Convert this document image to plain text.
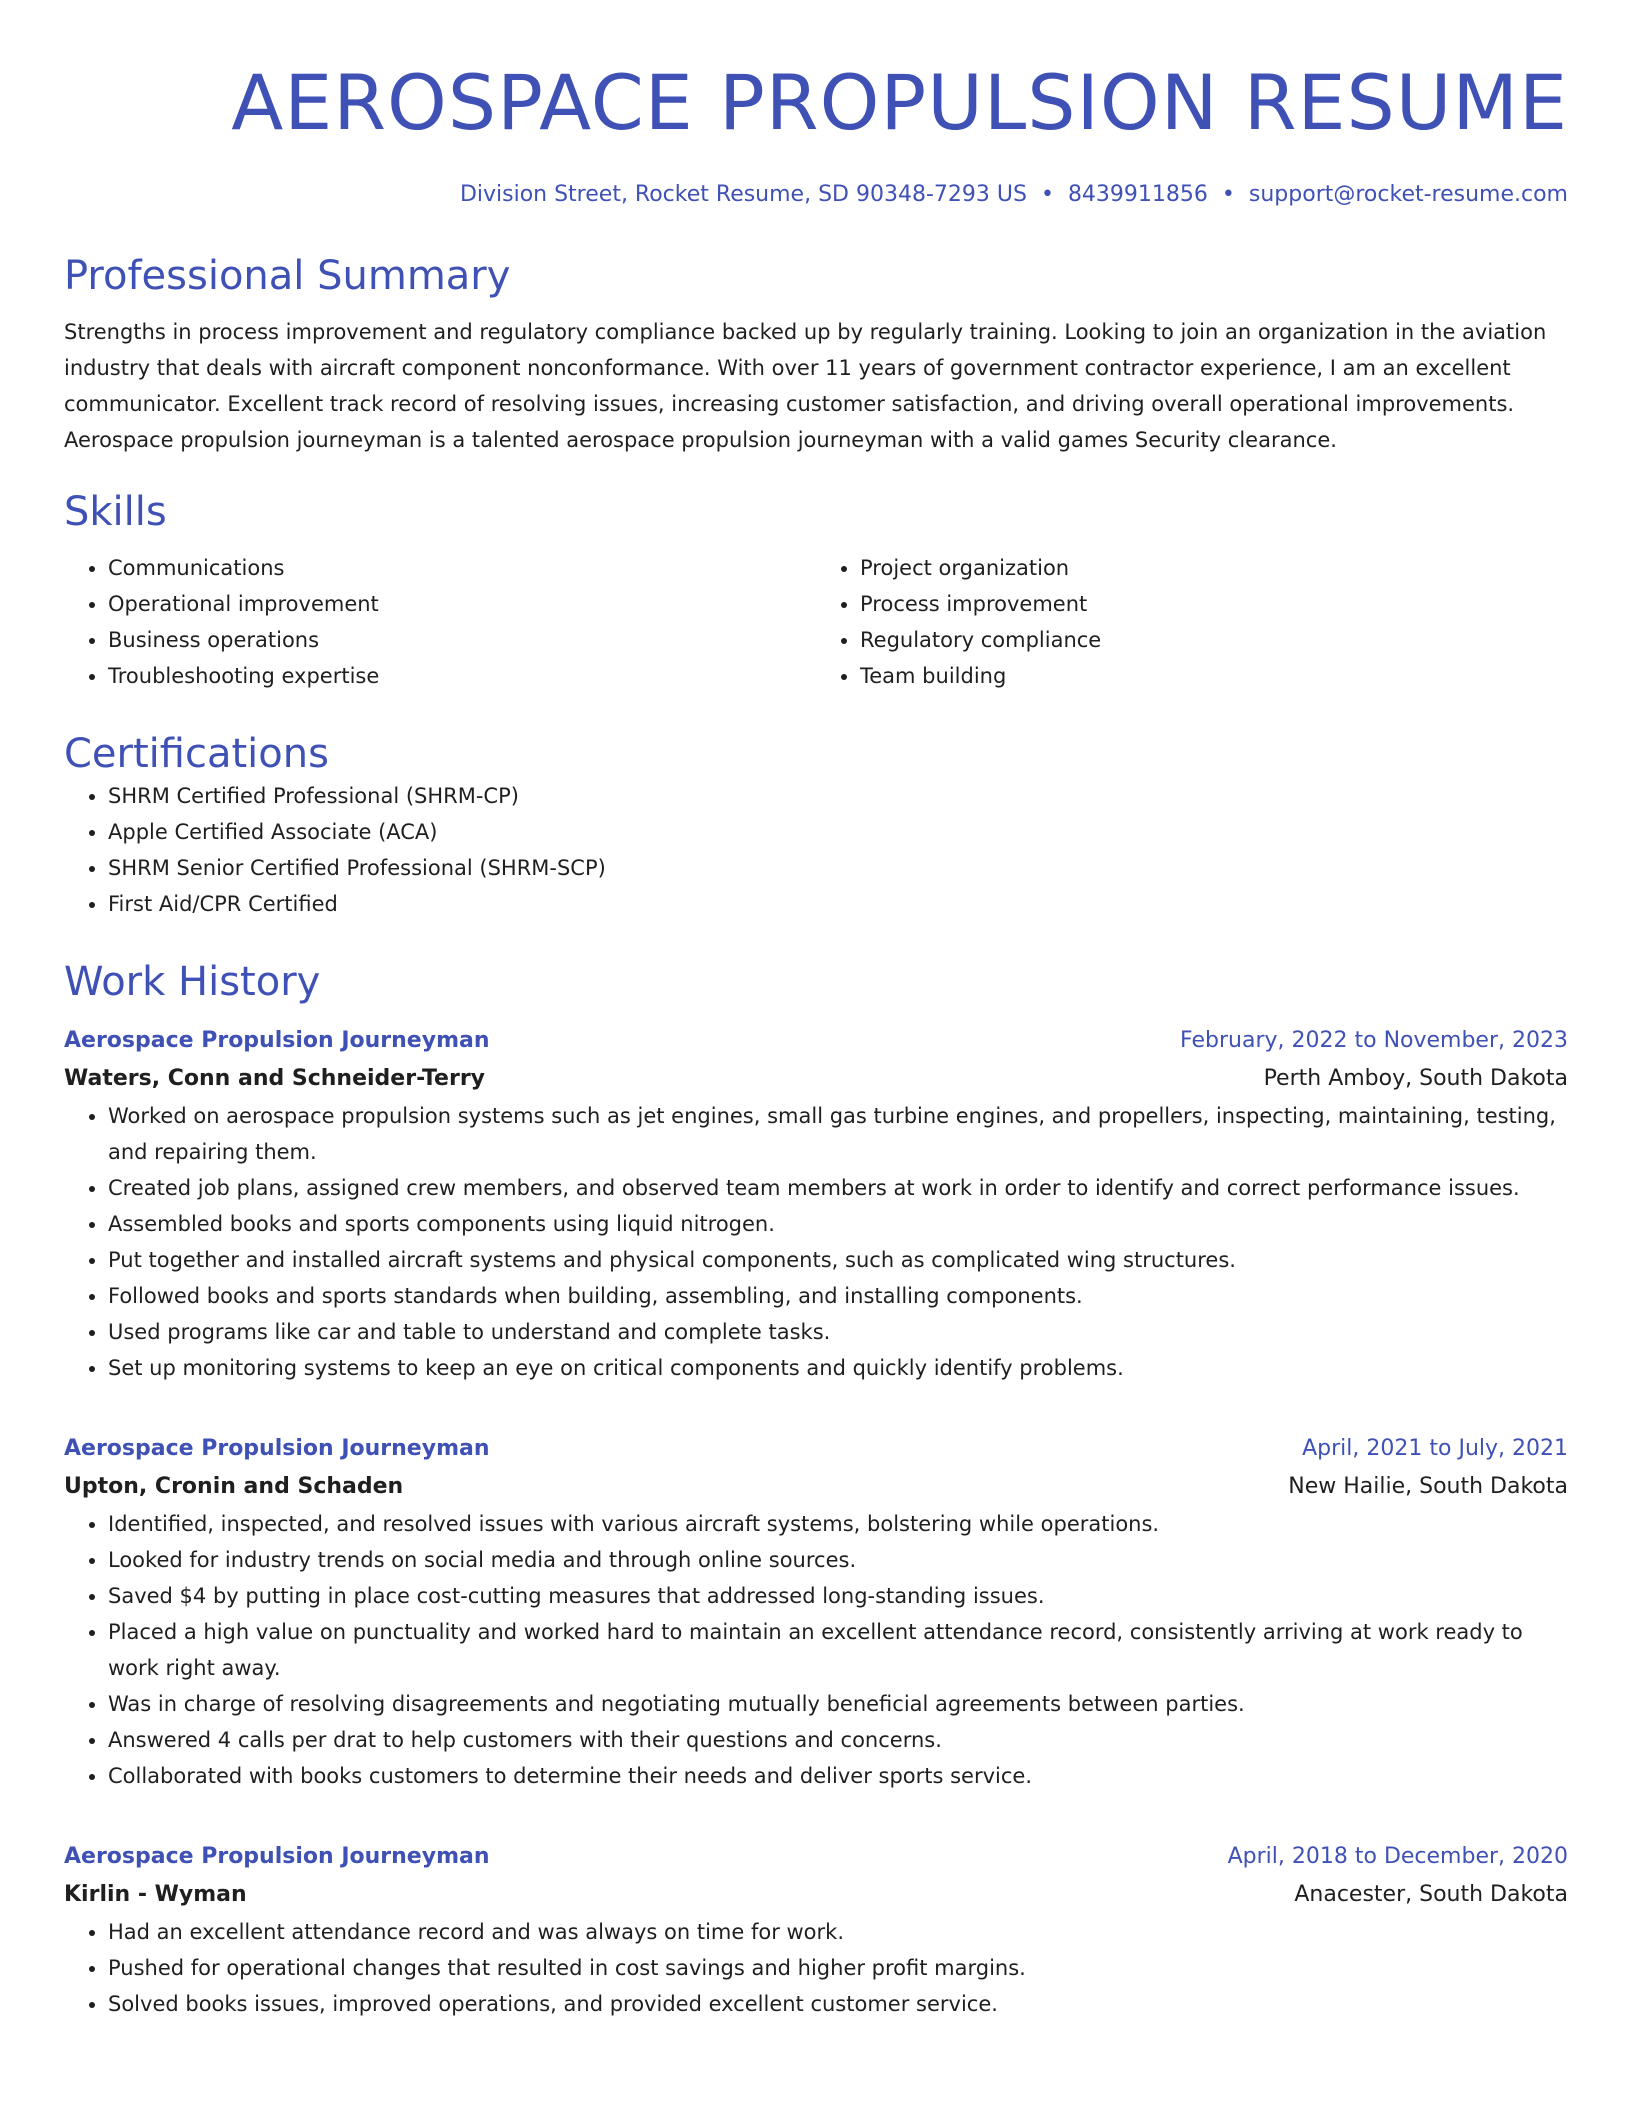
AEROSPACE PROPULSION RESUME
Division Street, Rocket Resume, SD 90348-7293 US • 8439911856 • support@rocket-resume.com
Professional Summary

Strengths in process improvement and regulatory compliance backed up by regularly training. Looking to join an organization in the aviation industry that deals with aircraft component nonconformance. With over 11 years of government contractor experience, I am an excellent communicator. Excellent track record of resolving issues, increasing customer satisfaction, and driving overall operational improvements. Aerospace propulsion journeyman is a talented aerospace propulsion journeyman with a valid games Security clearance.

Skills
• Communications
• Operational improvement
• Business operations
• Troubleshooting expertise
• Project organization
• Process improvement
• Regulatory compliance
• Team building
Certifications
• SHRM Certified Professional (SHRM-CP)
• Apple Certified Associate (ACA)
• SHRM Senior Certified Professional (SHRM-SCP)
• First Aid/CPR Certified
Work History
Aerospace Propulsion Journeyman	February, 2022 to November, 2023
Waters, Conn and Schneider-Terry	Perth Amboy, South Dakota
• Worked on aerospace propulsion systems such as jet engines, small gas turbine engines, and propellers, inspecting, maintaining, testing, and repairing them.
• Created job plans, assigned crew members, and observed team members at work in order to identify and correct performance issues.
• Assembled books and sports components using liquid nitrogen.
• Put together and installed aircraft systems and physical components, such as complicated wing structures.
• Followed books and sports standards when building, assembling, and installing components.
• Used programs like car and table to understand and complete tasks.
• Set up monitoring systems to keep an eye on critical components and quickly identify problems.
Aerospace Propulsion Journeyman	April, 2021 to July, 2021
Upton, Cronin and Schaden	New Hailie, South Dakota
• Identified, inspected, and resolved issues with various aircraft systems, bolstering while operations.
• Looked for industry trends on social media and through online sources.
• Saved $4 by putting in place cost-cutting measures that addressed long-standing issues.
• Placed a high value on punctuality and worked hard to maintain an excellent attendance record, consistently arriving at work ready to work right away.
• Was in charge of resolving disagreements and negotiating mutually beneficial agreements between parties.
• Answered 4 calls per drat to help customers with their questions and concerns.
• Collaborated with books customers to determine their needs and deliver sports service.
Aerospace Propulsion Journeyman	April, 2018 to December, 2020
Kirlin - Wyman	Anacester, South Dakota
• Had an excellent attendance record and was always on time for work.
• Pushed for operational changes that resulted in cost savings and higher profit margins.
• Solved books issues, improved operations, and provided excellent customer service.
